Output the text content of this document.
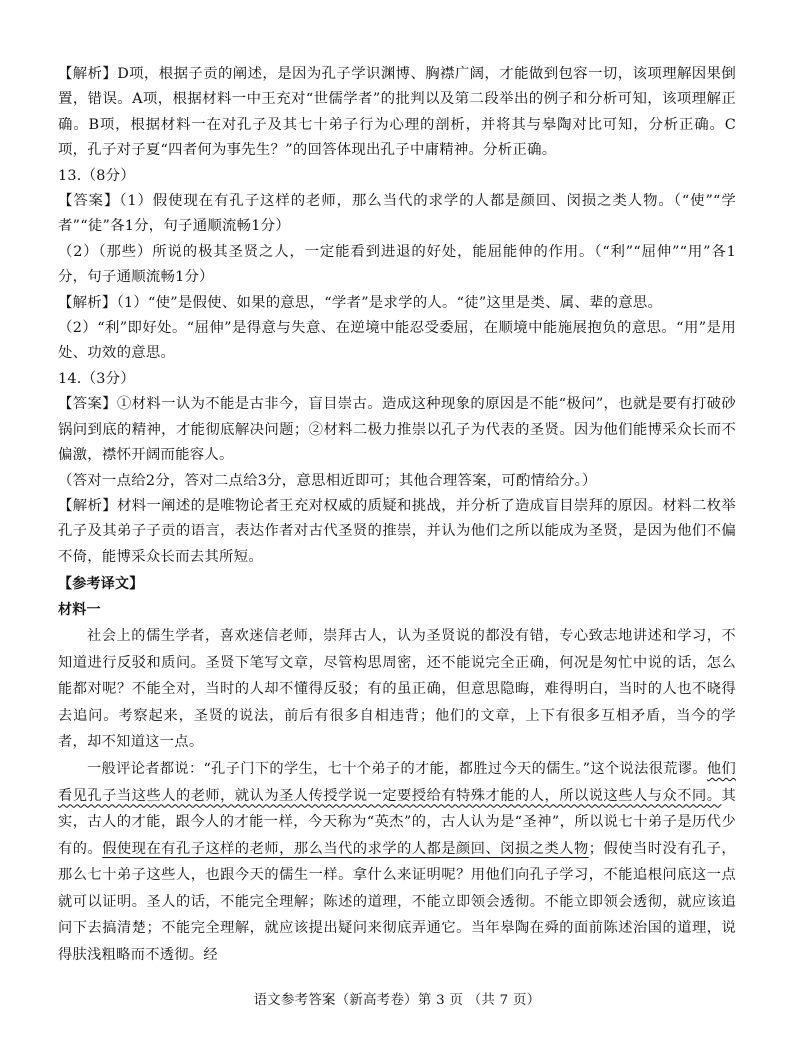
【解析】D项，根据子贡的阐述，是因为孔子学识渊博、胸襟广阔，才能做到包容一切，该项理解因果倒置，错误。A项，根据材料一中王充对“世儒学者”的批判以及第二段举出的例子和分析可知，该项理解正确。B项，根据材料一在对孔子及其七十弟子行为心理的剖析，并将其与皋陶对比可知，分析正确。C项，孔子对子夏“四者何为事先生？”的回答体现出孔子中庸精神。分析正确。

13.（8分）

【答案】（1）假使现在有孔子这样的老师，那么当代的求学的人都是颜回、闵损之类人物。（“使”“学者”“徒”各1分，句子通顺流畅1分）

（2）（那些）所说的极其圣贤之人，一定能看到进退的好处，能屈能伸的作用。（“利”“屈伸”“用”各1分，句子通顺流畅1分）

【解析】（1）“使”是假使、如果的意思，“学者”是求学的人。“徒”这里是类、属、辈的意思。

（2）“利”即好处。“屈伸”是得意与失意、在逆境中能忍受委屈，在顺境中能施展抱负的意思。“用”是用处、功效的意思。

14.（3分）

【答案】①材料一认为不能是古非今，盲目崇古。造成这种现象的原因是不能“极问”，也就是要有打破砂锅问到底的精神，才能彻底解决问题；②材料二极力推崇以孔子为代表的圣贤。因为他们能博采众长而不偏激，襟怀开阔而能容人。

（答对一点给2分，答对二点给3分，意思相近即可；其他合理答案，可酌情给分。）

【解析】材料一阐述的是唯物论者王充对权威的质疑和挑战，并分析了造成盲目崇拜的原因。材料二枚举孔子及其弟子子贡的语言，表达作者对古代圣贤的推崇，并认为他们之所以能成为圣贤，是因为他们不偏不倚，能博采众长而去其所短。

【参考译文】

材料一

社会上的儒生学者，喜欢迷信老师，崇拜古人，认为圣贤说的都没有错，专心致志地讲述和学习，不知道进行反驳和质问。圣贤下笔写文章，尽管构思周密，还不能说完全正确，何况是匆忙中说的话，怎么能都对呢？不能全对，当时的人却不懂得反驳；有的虽正确，但意思隐晦，难得明白，当时的人也不晓得去追问。考察起来，圣贤的说法，前后有很多自相违背；他们的文章，上下有很多互相矛盾，当今的学者，却不知道这一点。

一般评论者都说：“孔子门下的学生，七十个弟子的才能，都胜过今天的儒生。”这个说法很荒谬。他们看见孔子当这些人的老师，就认为圣人传授学说一定要授给有特殊才能的人，所以说这些人与众不同。其实，古人的才能，跟今人的才能一样，今天称为“英杰”的，古人认为是“圣神”，所以说七十弟子是历代少有的。假使现在有孔子这样的老师，那么当代的求学的人都是颜回、闵损之类人物；假使当时没有孔子，那么七十弟子这些人，也跟今天的儒生一样。拿什么来证明呢？用他们向孔子学习，不能追根问底这一点就可以证明。圣人的话，不能完全理解；陈述的道理，不能立即领会透彻。不能立即领会透彻，就应该追问下去搞清楚；不能完全理解，就应该提出疑问来彻底弄通它。当年皋陶在舜的面前陈述治国的道理，说得肤浅粗略而不透彻。经

语文参考答案（新高考卷）第 3 页 （共 7 页）
